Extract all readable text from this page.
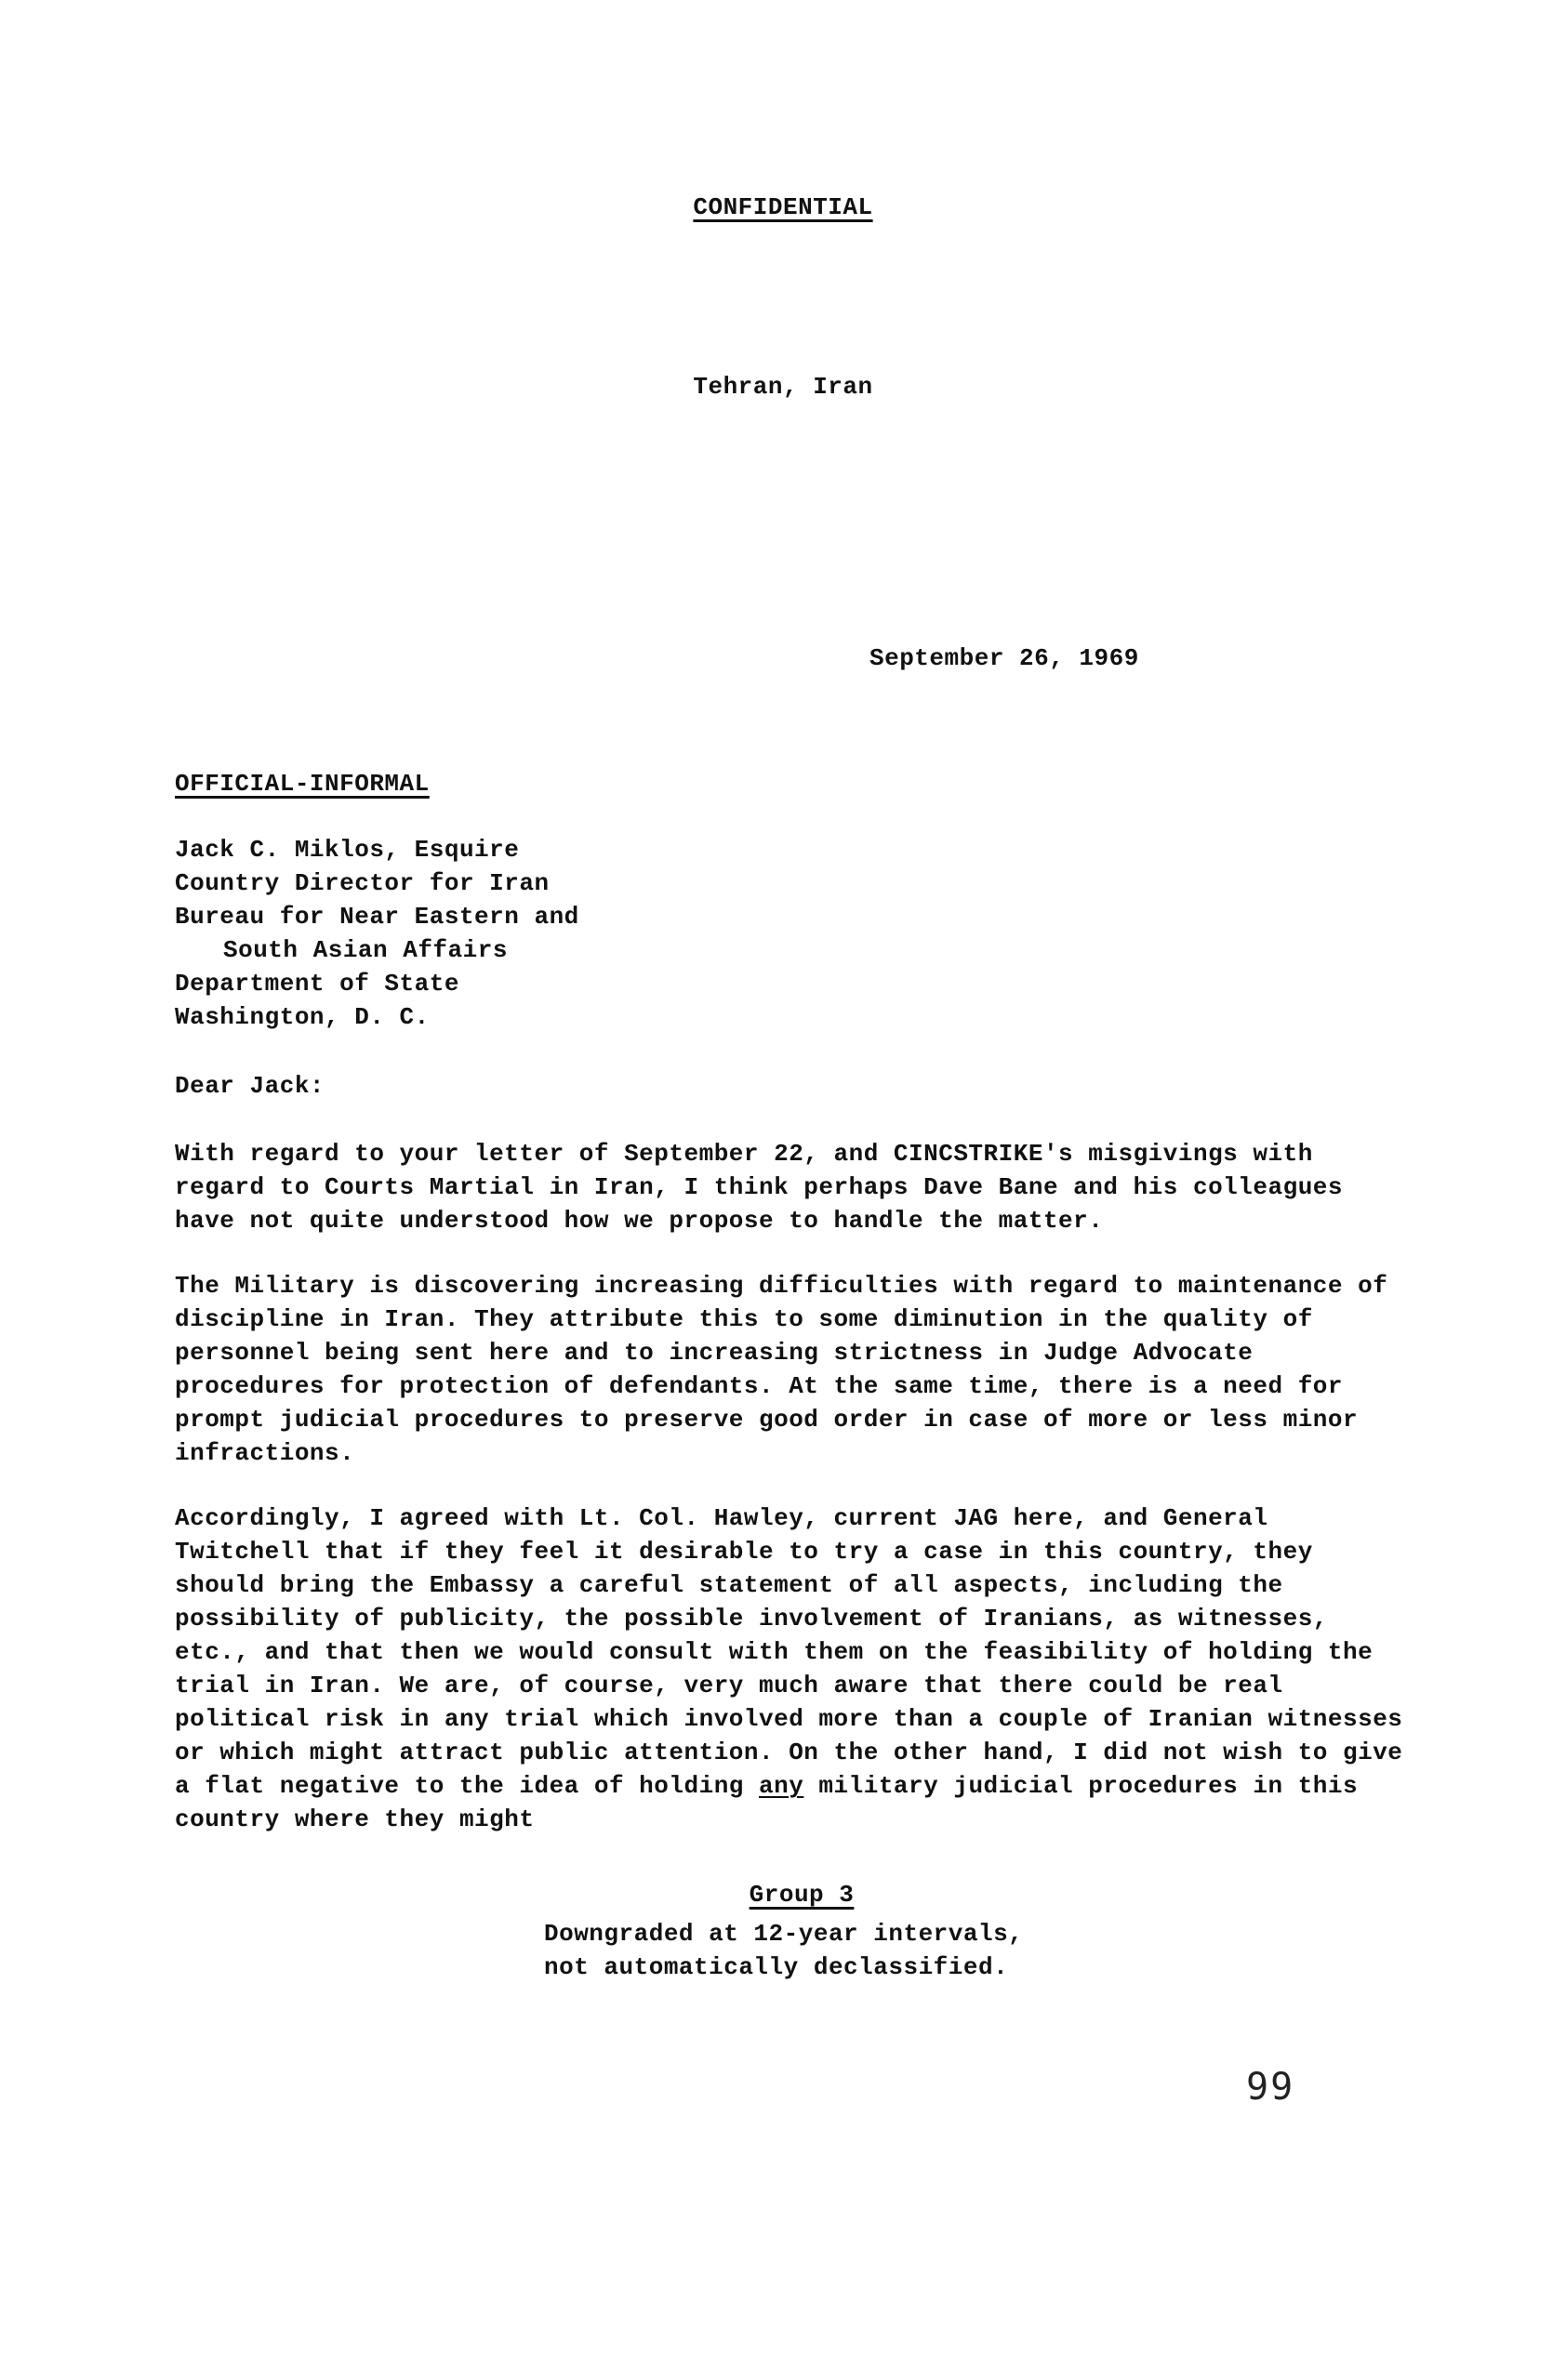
CONFIDENTIAL
Tehran, Iran
September 26, 1969
OFFICIAL-INFORMAL
Jack C. Miklos, Esquire
Country Director for Iran
Bureau for Near Eastern and
South Asian Affairs
Department of State
Washington, D. C.
Dear Jack:

With regard to your letter of September 22, and CINCSTRIKE's misgivings with regard to Courts Martial in Iran, I think perhaps Dave Bane and his colleagues have not quite understood how we propose to handle the matter.

The Military is discovering increasing difficulties with regard to maintenance of discipline in Iran. They attribute this to some diminution in the quality of personnel being sent here and to increasing strictness in Judge Advocate procedures for protection of defendants. At the same time, there is a need for prompt judicial procedures to preserve good order in case of more or less minor infractions.

Accordingly, I agreed with Lt. Col. Hawley, current JAG here, and General Twitchell that if they feel it desirable to try a case in this country, they should bring the Embassy a careful statement of all aspects, including the possibility of publicity, the possible involvement of Iranians, as witnesses, etc., and that then we would consult with them on the feasibility of holding the trial in Iran. We are, of course, very much aware that there could be real political risk in any trial which involved more than a couple of Iranian witnesses or which might attract public attention. On the other hand, I did not wish to give a flat negative to the idea of holding any military judicial procedures in this country where they might

Group 3
Downgraded at 12-year intervals,
not automatically declassified.
99
